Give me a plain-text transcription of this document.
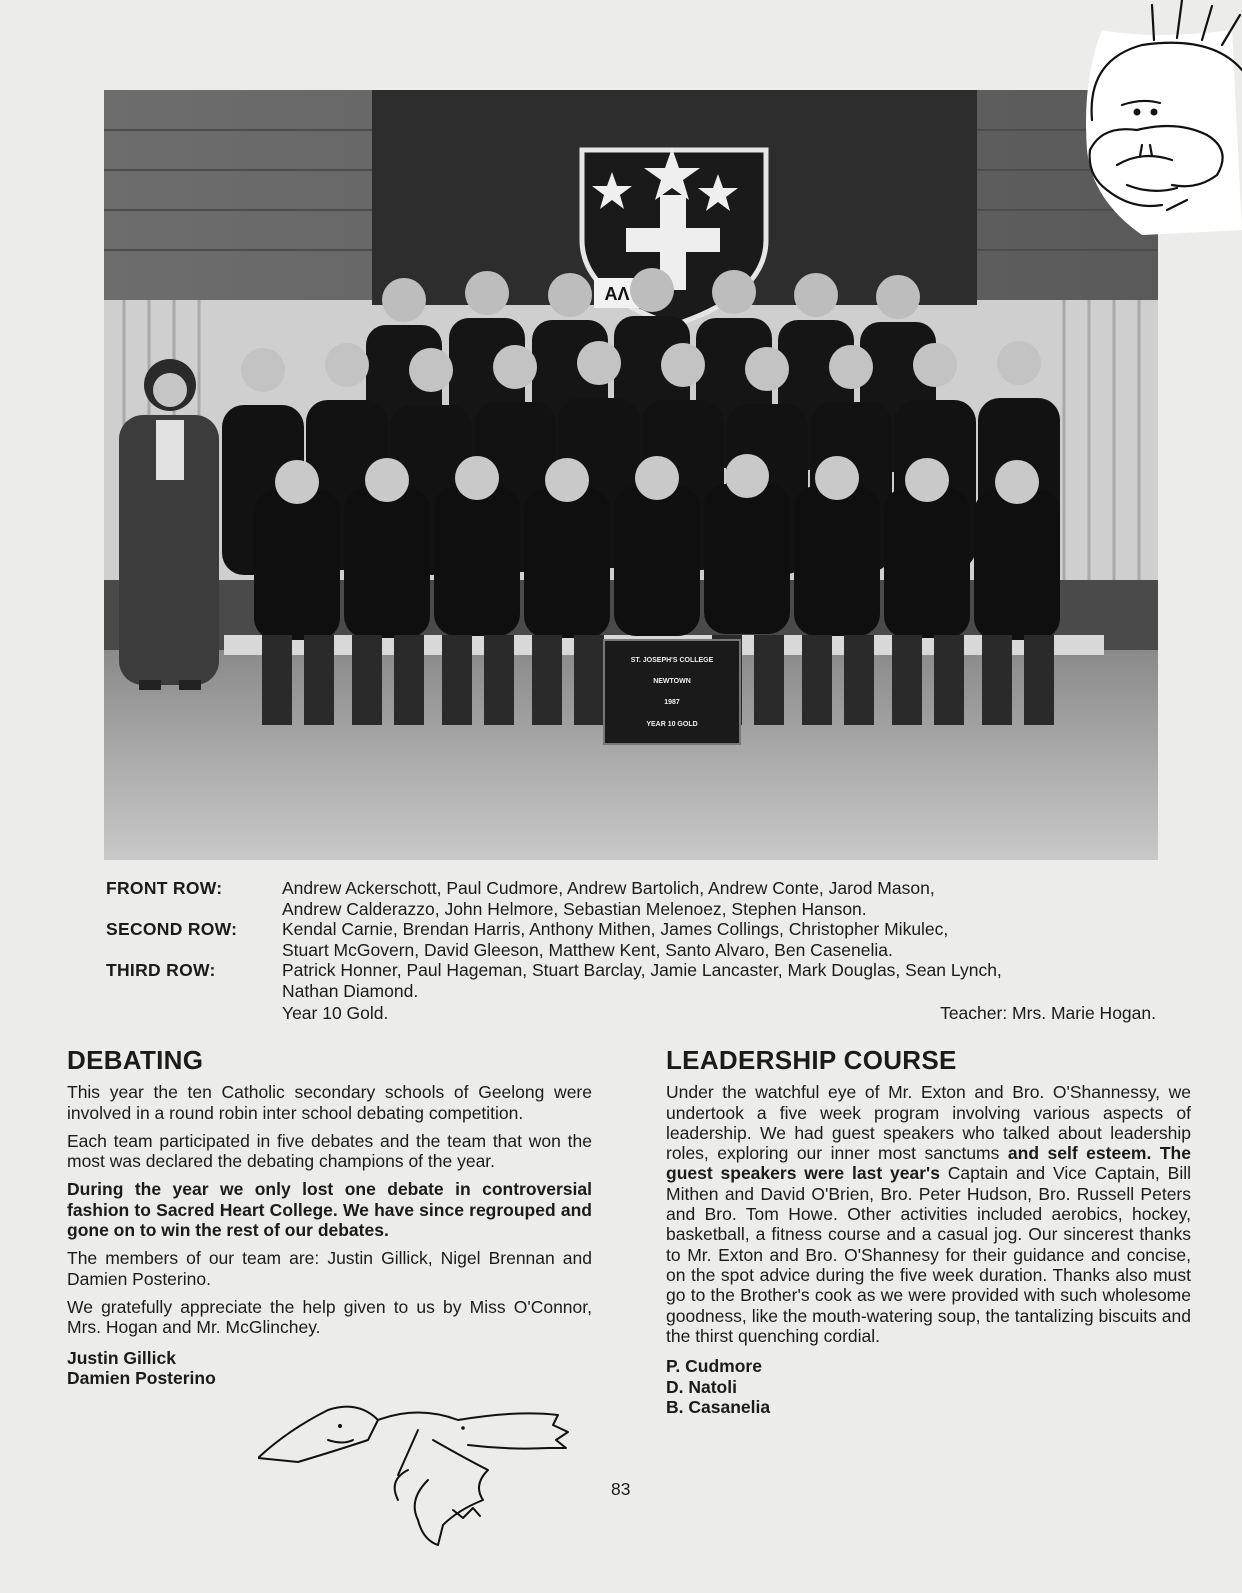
AΛ
ST. JOSEPH'S COLLEGE
NEWTOWN
1987
YEAR 10 GOLD
FRONT ROW:	Andrew Ackerschott, Paul Cudmore, Andrew Bartolich, Andrew Conte, Jarod Mason,
Andrew Calderazzo, John Helmore, Sebastian Melenoez, Stephen Hanson.
SECOND ROW:	Kendal Carnie, Brendan Harris, Anthony Mithen, James Collings, Christopher Mikulec,
Stuart McGovern, David Gleeson, Matthew Kent, Santo Alvaro, Ben Casenelia.
THIRD ROW:	Patrick Honner, Paul Hageman, Stuart Barclay, Jamie Lancaster, Mark Douglas, Sean Lynch,
Nathan Diamond.
Year 10 Gold.	Teacher: Mrs. Marie Hogan.
DEBATING

This year the ten Catholic secondary schools of Geelong were involved in a round robin inter school debating competition.

Each team participated in five debates and the team that won the most was declared the debating champions of the year.

During the year we only lost one debate in controversial fashion to Sacred Heart College. We have since regrouped and gone on to win the rest of our debates.

The members of our team are: Justin Gillick, Nigel Brennan and Damien Posterino.

We gratefully appreciate the help given to us by Miss O'Connor, Mrs. Hogan and Mr. McGlinchey.

Justin Gillick
Damien Posterino
LEADERSHIP COURSE

Under the watchful eye of Mr. Exton and Bro. O'Shannessy, we undertook a five week program involving various aspects of leadership. We had guest speakers who talked about leadership roles, exploring our inner most sanctums and self esteem. The guest speakers were last year's Captain and Vice Captain, Bill Mithen and David O'Brien, Bro. Peter Hudson, Bro. Russell Peters and Bro. Tom Howe. Other activities included aerobics, hockey, basketball, a fitness course and a casual jog. Our sincerest thanks to Mr. Exton and Bro. O'Shannesy for their guidance and concise, on the spot advice during the five week duration. Thanks also must go to the Brother's cook as we were provided with such wholesome goodness, like the mouth-watering soup, the tantalizing biscuits and the thirst quenching cordial.

P. Cudmore
D. Natoli
B. Casanelia
83
